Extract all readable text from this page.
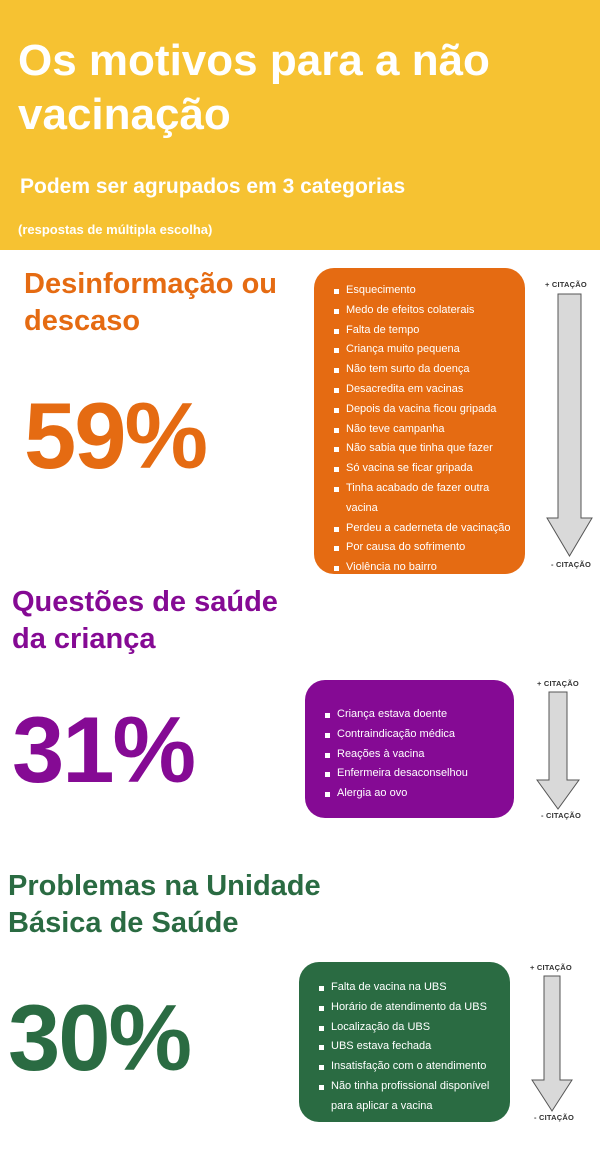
Os motivos para a não vacinação
Podem ser agrupados em 3 categorias
(respostas de múltipla escolha)
Desinformação ou descaso
59%
Esquecimento
Medo de efeitos colaterais
Falta de tempo
Criança muito pequena
Não tem surto da doença
Desacredita em vacinas
Depois da vacina ficou gripada
Não teve campanha
Não sabia que tinha que fazer
Só vacina se ficar gripada
Tinha acabado de fazer outra
vacina
Perdeu a caderneta de vacinação
Por causa do sofrimento
Violência no bairro
+ CITAÇÃO
- CITAÇÃO
Questões de saúde da criança
31%	Criança estava doente
Contraindicação médica
Reações à vacina
Enfermeira desaconselhou
Alergia ao ovo
+ CITAÇÃO
- CITAÇÃO
Problemas na Unidade Básica de Saúde
30%	Falta de vacina na UBS
Horário de atendimento da UBS
Localização da UBS
UBS estava fechada
Insatisfação com o atendimento
Não tinha profissional disponível
para aplicar a vacina
+ CITAÇÃO
- CITAÇÃO
